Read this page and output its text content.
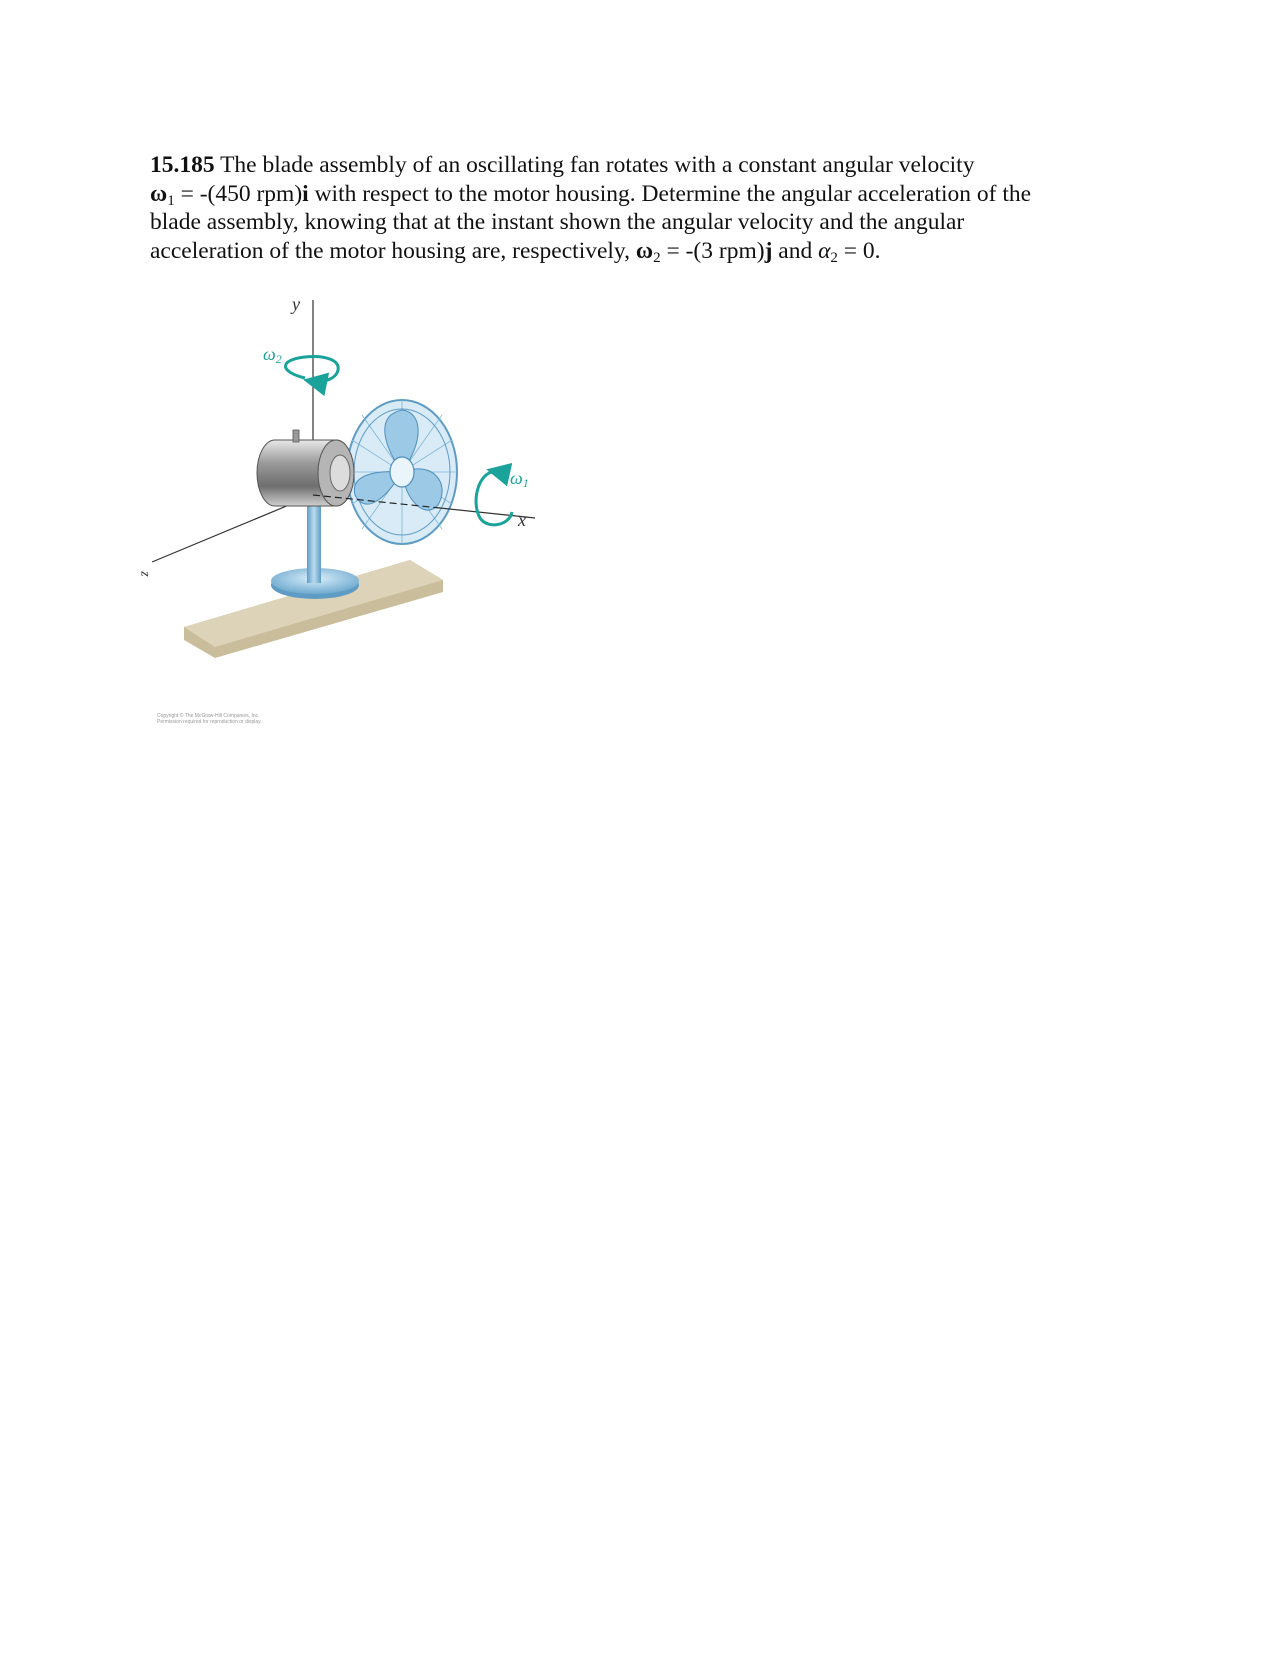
15.185 The blade assembly of an oscillating fan rotates with a constant angular velocity
$\omega_1 = -(450$ rpm)i with respect to the motor housing. Determine the angular acceleration of the
blade assembly, knowing that at the instant shown the angular velocity and the angular
acceleration of the motor housing are, respectively, $\omega_2 = -(3$ rpm)j and $\alpha_2 = 0$.
y
x
z
$\omega_2$
$\omega_1$
Copyright © The McGraw-Hill Companies, Inc.
Permission required for reproduction or display.
